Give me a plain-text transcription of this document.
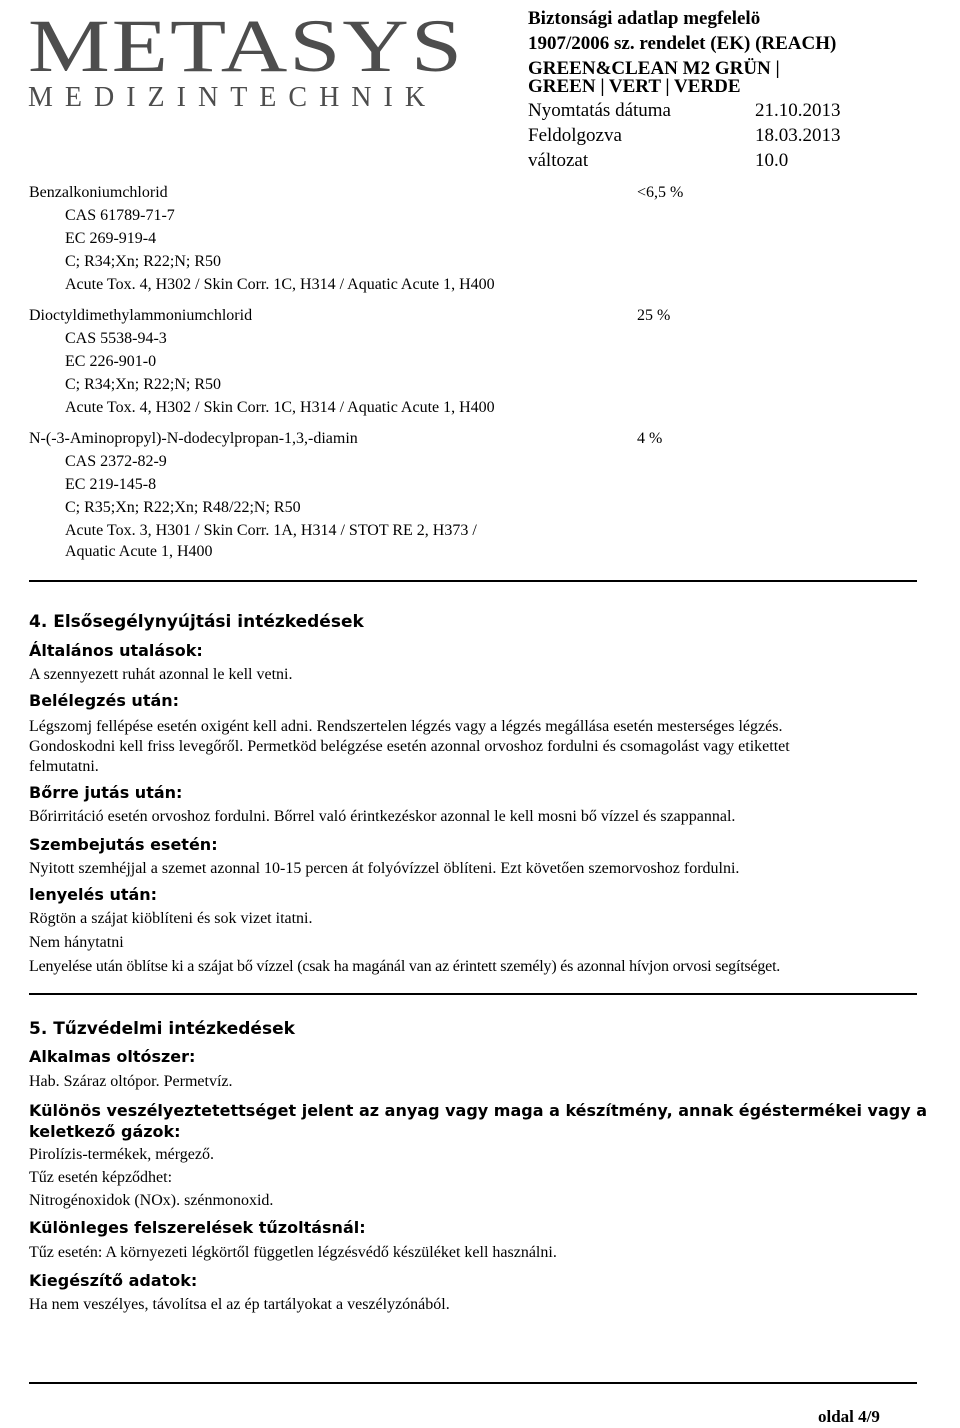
METASYS
MEDIZINTECHNIK
Biztonsági adatlap megfelelö
1907/2006 sz. rendelet (EK) (REACH)
GREEN&CLEAN M2 GRÜN |
GREEN | VERT | VERDE
Nyomtatás dátuma	21.10.2013
Feldolgozva	18.03.2013
változat	10.0
Benzalkoniumchlorid	<6,5 %
CAS 61789-71-7
EC 269-919-4
C; R34;Xn; R22;N; R50
Acute Tox. 4, H302 / Skin Corr. 1C, H314 / Aquatic Acute 1, H400
Dioctyldimethylammoniumchlorid	25 %
CAS 5538-94-3
EC 226-901-0
C; R34;Xn; R22;N; R50
Acute Tox. 4, H302 / Skin Corr. 1C, H314 / Aquatic Acute 1, H400
N-(-3-Aminopropyl)-N-dodecylpropan-1,3,-diamin	4 %
CAS 2372-82-9
EC 219-145-8
C; R35;Xn; R22;Xn; R48/22;N; R50
Acute Tox. 3, H301 / Skin Corr. 1A, H314 / STOT RE 2, H373 /
Aquatic Acute 1, H400
4. Elsősegélynyújtási intézkedések
Általános utalások:
A szennyezett ruhát azonnal le kell vetni.
Belélegzés után:
Légszomj fellépése esetén oxigént kell adni. Rendszertelen légzés vagy a légzés megállása esetén mesterséges légzés.
Gondoskodni kell friss levegőről. Permetköd belégzése esetén azonnal orvoshoz fordulni és csomagolást vagy etikettet
felmutatni.
Bőrre jutás után:
Bőrirritáció esetén orvoshoz fordulni. Bőrrel való érintkezéskor azonnal le kell mosni bő vízzel és szappannal.
Szembejutás esetén:
Nyitott szemhéjjal a szemet azonnal 10-15 percen át folyóvízzel öblíteni. Ezt követően szemorvoshoz fordulni.
lenyelés után:
Rögtön a szájat kiöblíteni és sok vizet itatni.
Nem hánytatni
Lenyelése után öblítse ki a szájat bő vízzel (csak ha magánál van az érintett személy) és azonnal hívjon orvosi segítséget.
5. Tűzvédelmi intézkedések
Alkalmas oltószer:
Hab. Száraz oltópor. Permetvíz.
Különös veszélyeztetettséget jelent az anyag vagy maga a készítmény, annak égéstermékei vagy a
keletkező gázok:
Pirolízis-termékek, mérgező.
Tűz esetén képződhet:
Nitrogénoxidok (NOx). szénmonoxid.
Különleges felszerelések tűzoltásnál:
Tűz esetén: A környezeti légkörtől független légzésvédő készüléket kell használni.
Kiegészítő adatok:
Ha nem veszélyes, távolítsa el az ép tartályokat a veszélyzónából.
oldal 4/9
